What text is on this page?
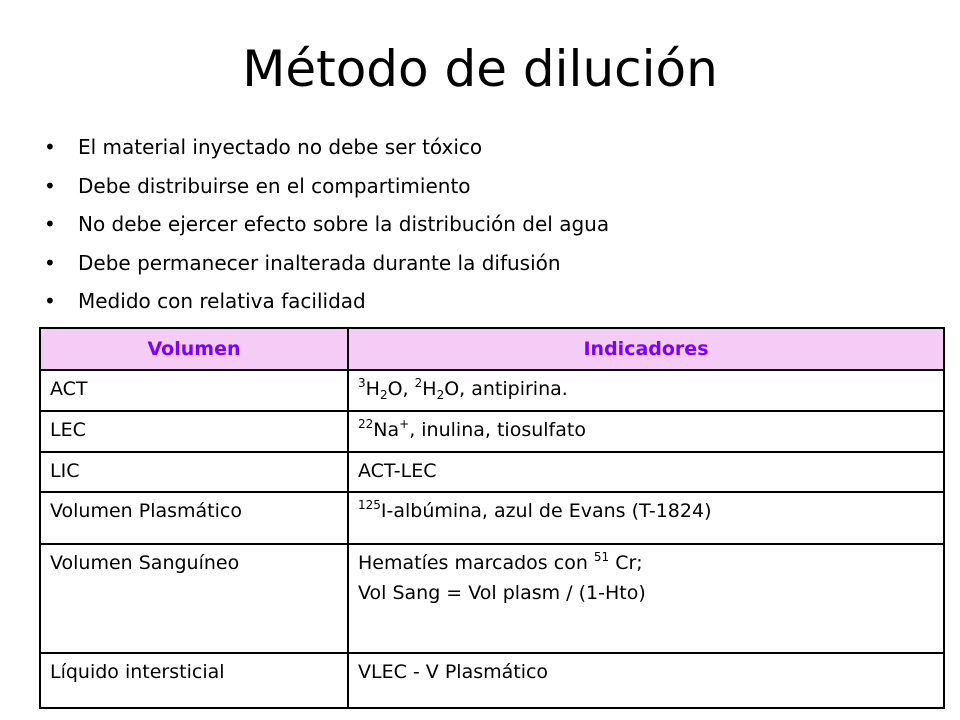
Método de dilución
• El material inyectado no debe ser tóxico
• Debe distribuirse en el compartimiento
• No debe ejercer efecto sobre la distribución del agua
• Debe permanecer inalterada durante la difusión
• Medido con relativa facilidad
Volumen	Indicadores
ACT	$^3H_2O$, $^2H_2O$, antipirina.
LEC	$^{22}$Na+, inulina, tiosulfato
LIC	ACT-LEC
Volumen Plasmático	$^{125}$I-albúmina, azul de Evans (T-1824)
Volumen Sanguíneo	Hematíes marcados con $^{51}$ Cr;
Vol Sang = Vol plasm / (1-Hto)

Líquido intersticial	VLEC - V Plasmático
